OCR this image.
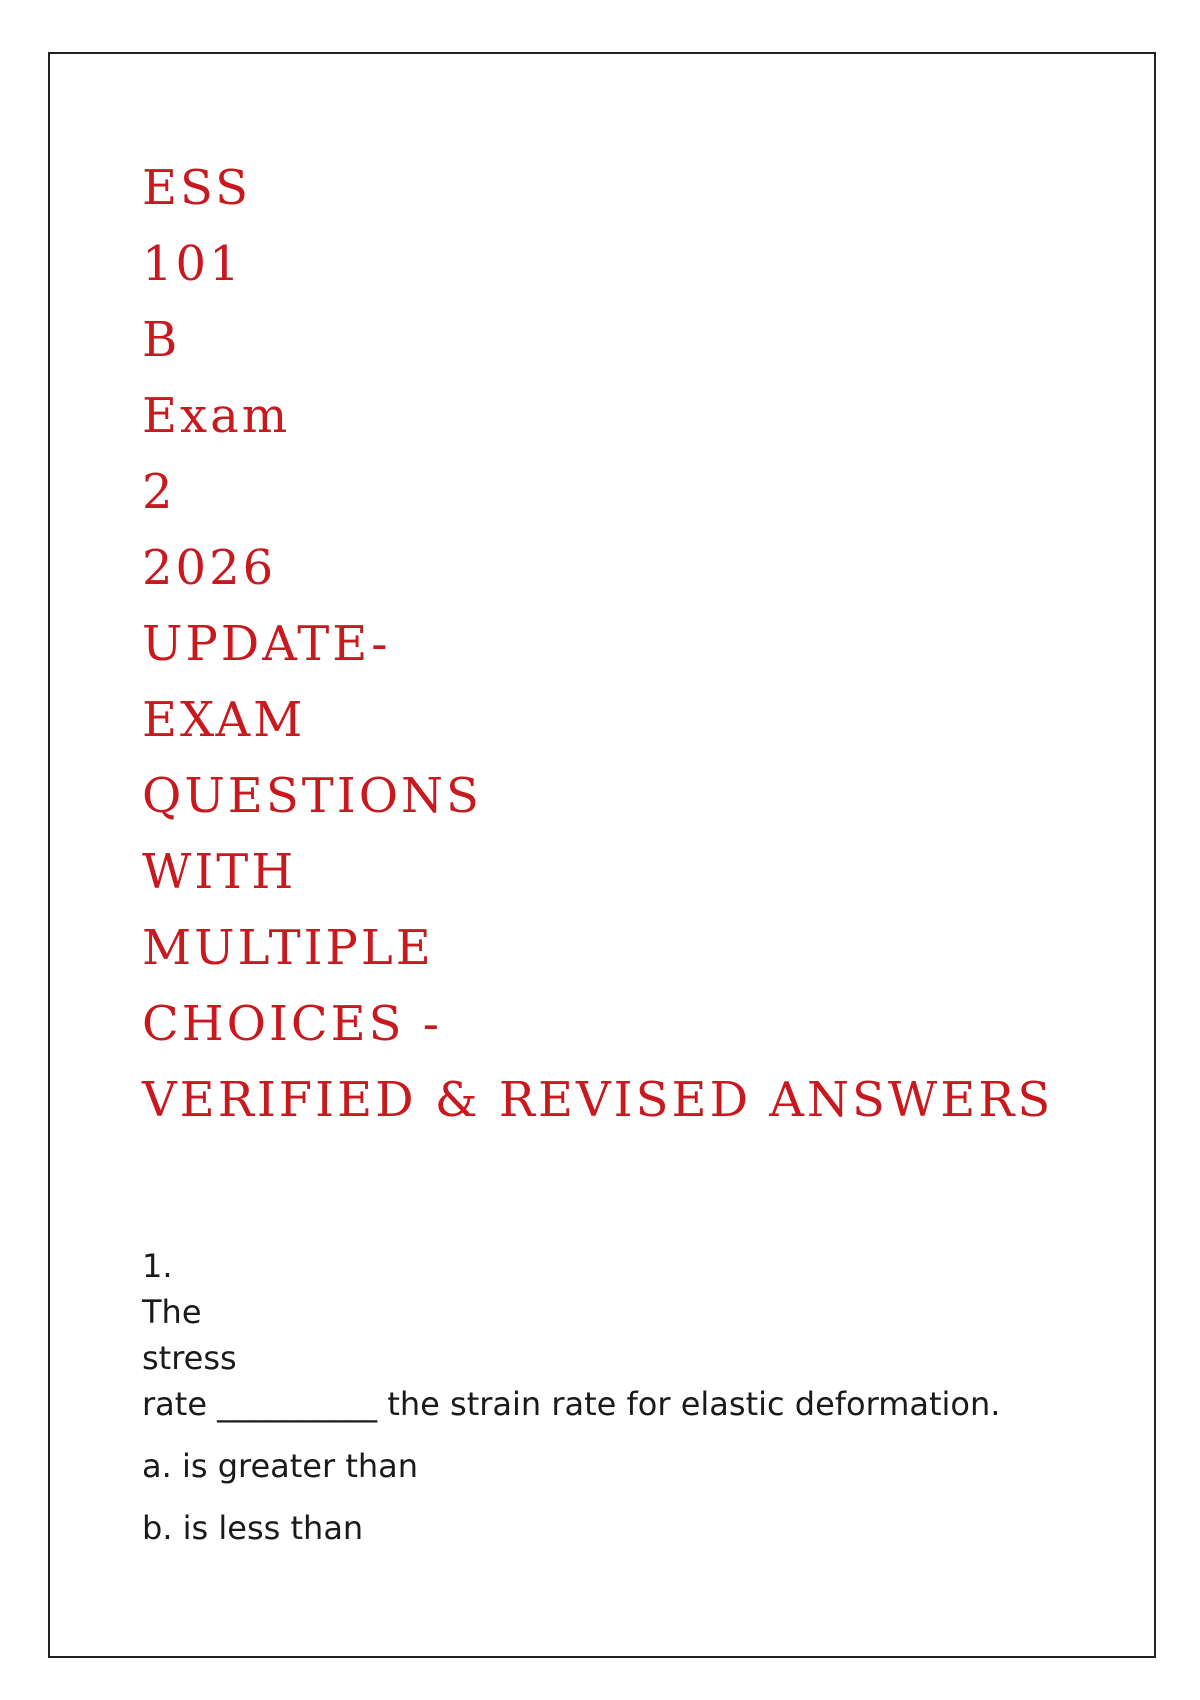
ESS
101
B
Exam
2
2026
UPDATE-
EXAM
QUESTIONS
WITH
MULTIPLE
CHOICES -
VERIFIED & REVISED ANSWERS
1.
The
stress
rate __________ the strain rate for elastic deformation.
a. is greater than
b. is less than
